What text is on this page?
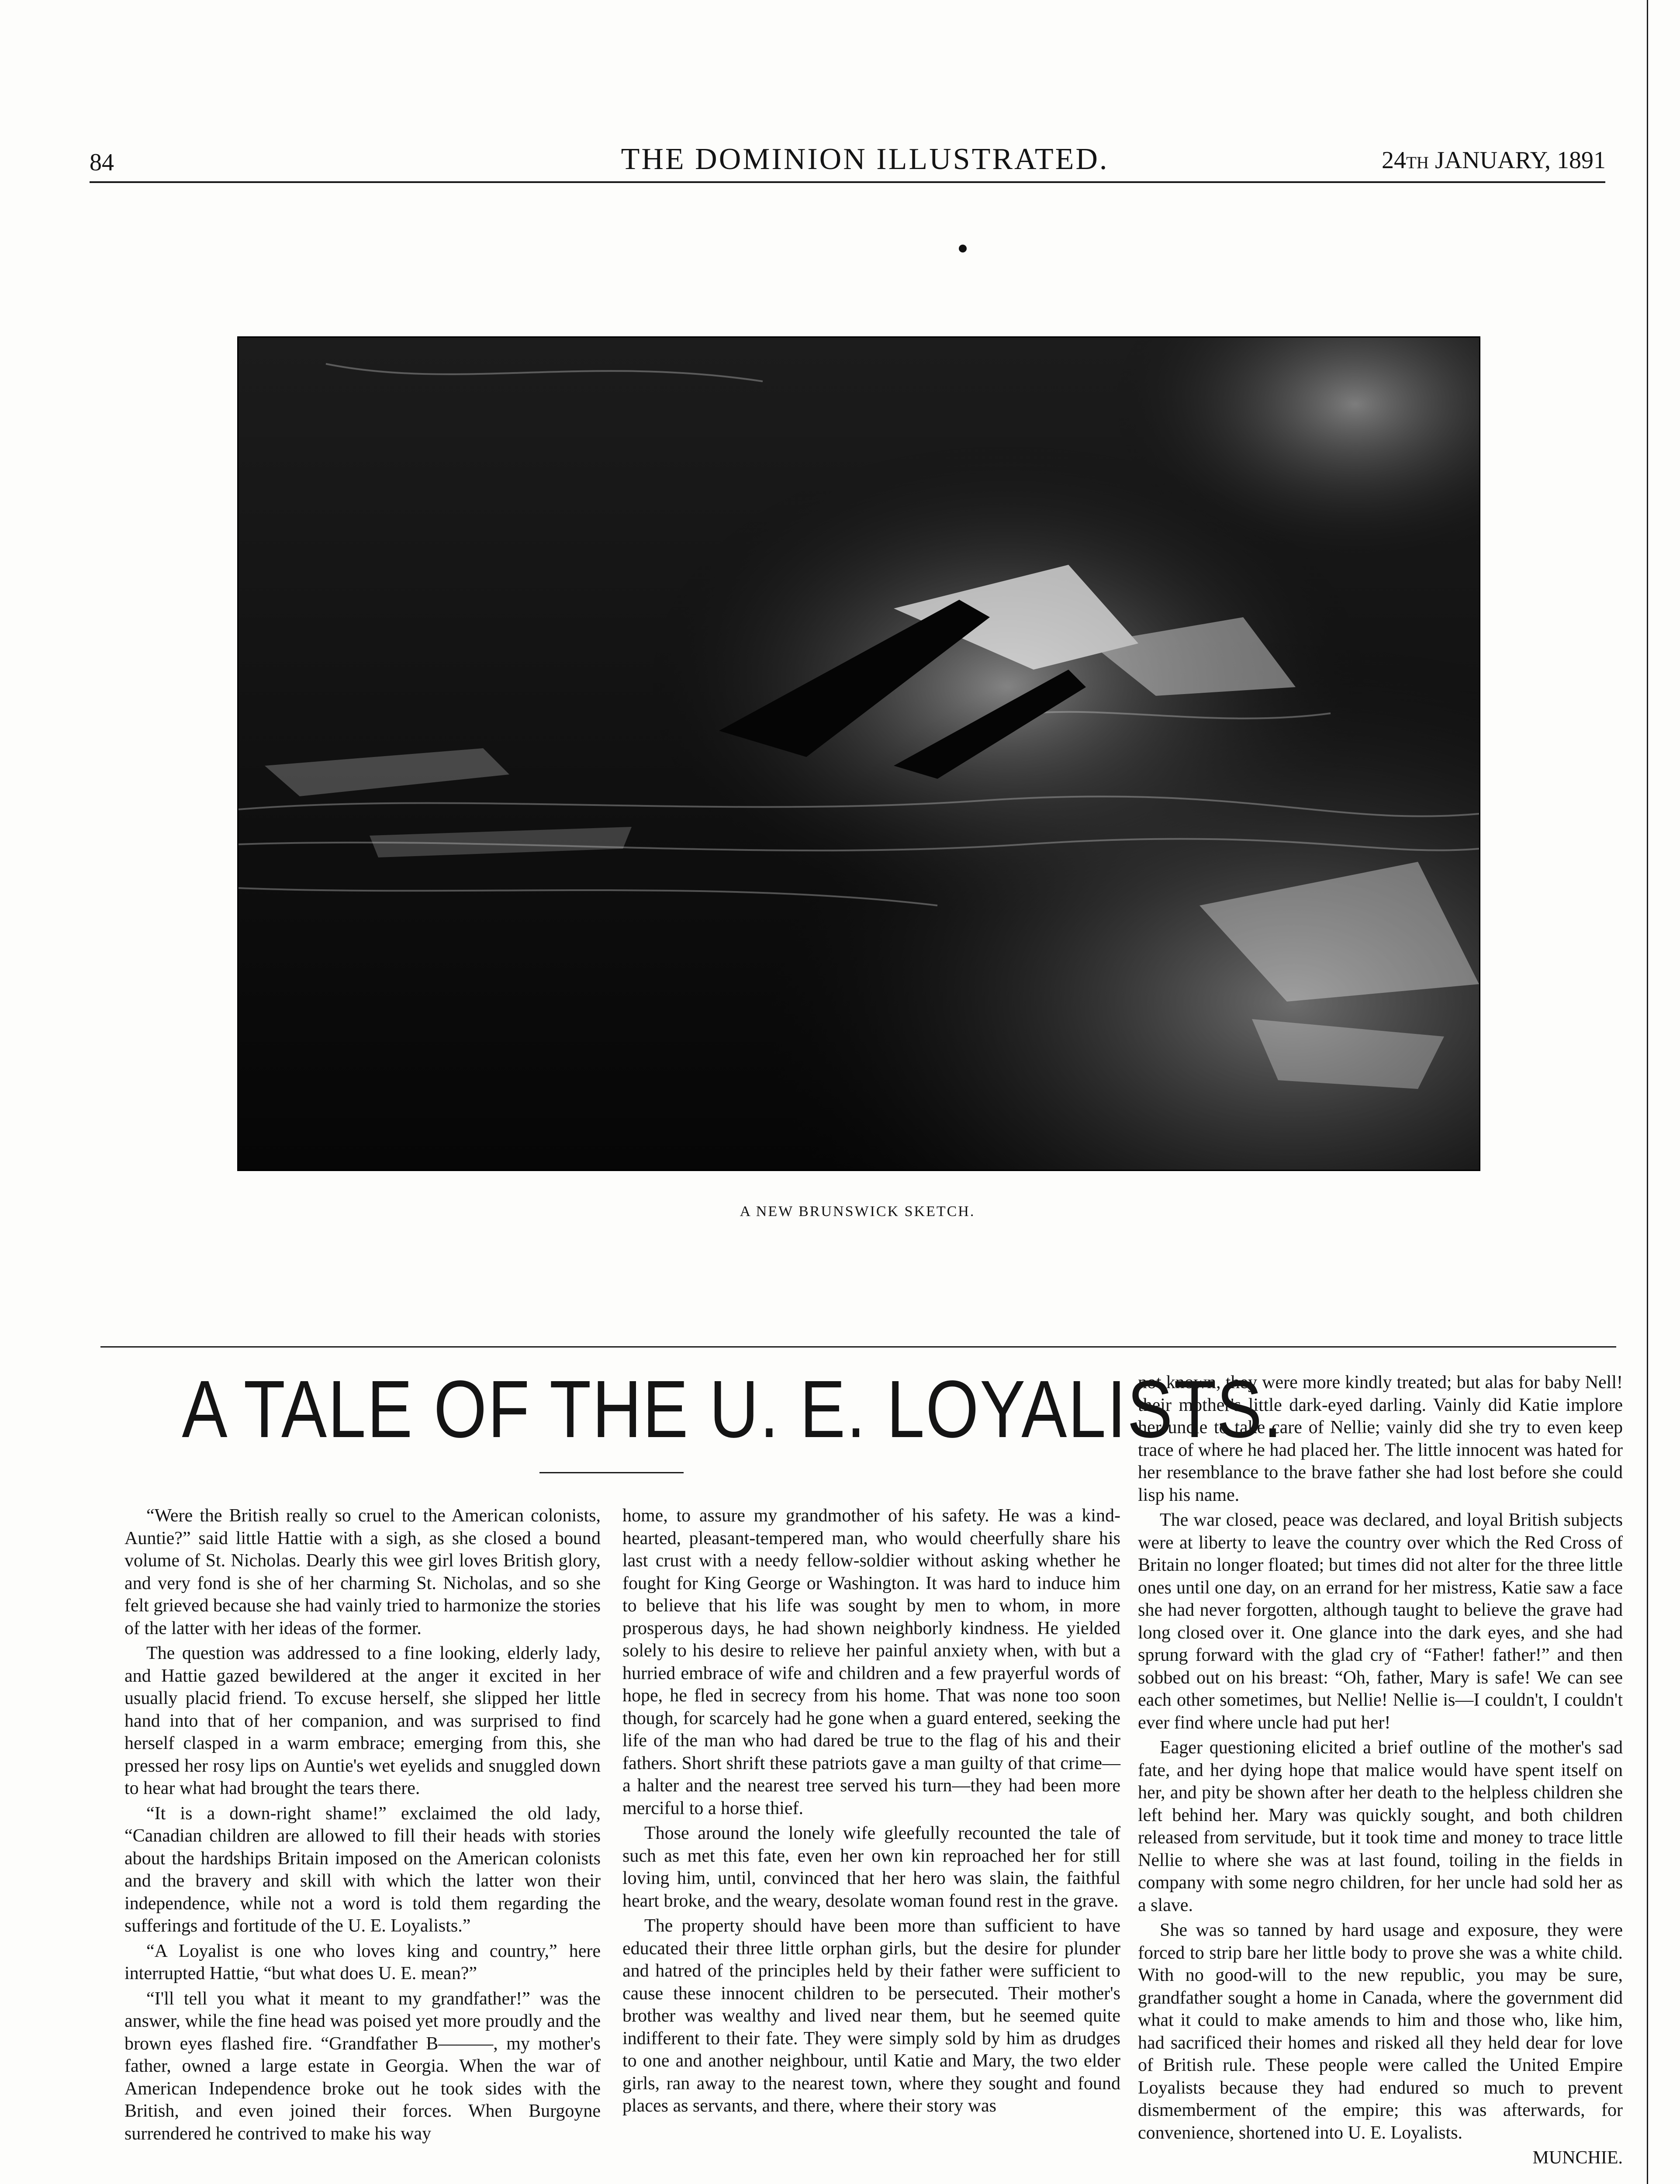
84	THE DOMINION ILLUSTRATED.	24th JANUARY, 1891
A NEW BRUNSWICK SKETCH.
A TALE OF THE U. E. LOYALISTS.

“Were the British really so cruel to the American colonists, Auntie?” said little Hattie with a sigh, as she closed a bound volume of St. Nicholas. Dearly this wee girl loves British glory, and very fond is she of her charming St. Nicholas, and so she felt grieved because she had vainly tried to harmonize the stories of the latter with her ideas of the former.

The question was addressed to a fine looking, elderly lady, and Hattie gazed bewildered at the anger it excited in her usually placid friend. To excuse herself, she slipped her little hand into that of her companion, and was surprised to find herself clasped in a warm embrace; emerging from this, she pressed her rosy lips on Auntie's wet eyelids and snuggled down to hear what had brought the tears there.

“It is a down-right shame!” exclaimed the old lady, “Canadian children are allowed to fill their heads with stories about the hardships Britain imposed on the American colonists and the bravery and skill with which the latter won their independence, while not a word is told them regarding the sufferings and fortitude of the U. E. Loyalists.”

“A Loyalist is one who loves king and country,” here interrupted Hattie, “but what does U. E. mean?”

“I'll tell you what it meant to my grandfather!” was the answer, while the fine head was poised yet more proudly and the brown eyes flashed fire. “Grandfather B———, my mother's father, owned a large estate in Georgia. When the war of American Independence broke out he took sides with the British, and even joined their forces. When Burgoyne surrendered he contrived to make his way

home, to assure my grandmother of his safety. He was a kind-hearted, pleasant-tempered man, who would cheerfully share his last crust with a needy fellow-soldier without asking whether he fought for King George or Washington. It was hard to induce him to believe that his life was sought by men to whom, in more prosperous days, he had shown neighborly kindness. He yielded solely to his desire to relieve her painful anxiety when, with but a hurried embrace of wife and children and a few prayerful words of hope, he fled in secrecy from his home. That was none too soon though, for scarcely had he gone when a guard entered, seeking the life of the man who had dared be true to the flag of his and their fathers. Short shrift these patriots gave a man guilty of that crime—a halter and the nearest tree served his turn—they had been more merciful to a horse thief.

Those around the lonely wife gleefully recounted the tale of such as met this fate, even her own kin reproached her for still loving him, until, convinced that her hero was slain, the faithful heart broke, and the weary, desolate woman found rest in the grave.

The property should have been more than sufficient to have educated their three little orphan girls, but the desire for plunder and hatred of the principles held by their father were sufficient to cause these innocent children to be persecuted. Their mother's brother was wealthy and lived near them, but he seemed quite indifferent to their fate. They were simply sold by him as drudges to one and another neighbour, until Katie and Mary, the two elder girls, ran away to the nearest town, where they sought and found places as servants, and there, where their story was

not known, they were more kindly treated; but alas for baby Nell! their mother's little dark-eyed darling. Vainly did Katie implore her uncle to take care of Nellie; vainly did she try to even keep trace of where he had placed her. The little innocent was hated for her resemblance to the brave father she had lost before she could lisp his name.

The war closed, peace was declared, and loyal British subjects were at liberty to leave the country over which the Red Cross of Britain no longer floated; but times did not alter for the three little ones until one day, on an errand for her mistress, Katie saw a face she had never forgotten, although taught to believe the grave had long closed over it. One glance into the dark eyes, and she had sprung forward with the glad cry of “Father! father!” and then sobbed out on his breast: “Oh, father, Mary is safe! We can see each other sometimes, but Nellie! Nellie is—I couldn't, I couldn't ever find where uncle had put her!

Eager questioning elicited a brief outline of the mother's sad fate, and her dying hope that malice would have spent itself on her, and pity be shown after her death to the helpless children she left behind her. Mary was quickly sought, and both children released from servitude, but it took time and money to trace little Nellie to where she was at last found, toiling in the fields in company with some negro children, for her uncle had sold her as a slave.

She was so tanned by hard usage and exposure, they were forced to strip bare her little body to prove she was a white child. With no good-will to the new republic, you may be sure, grandfather sought a home in Canada, where the government did what it could to make amends to him and those who, like him, had sacrificed their homes and risked all they held dear for love of British rule. These people were called the United Empire Loyalists because they had endured so much to prevent dismemberment of the empire; this was afterwards, for convenience, shortened into U. E. Loyalists.

MUNCHIE.
